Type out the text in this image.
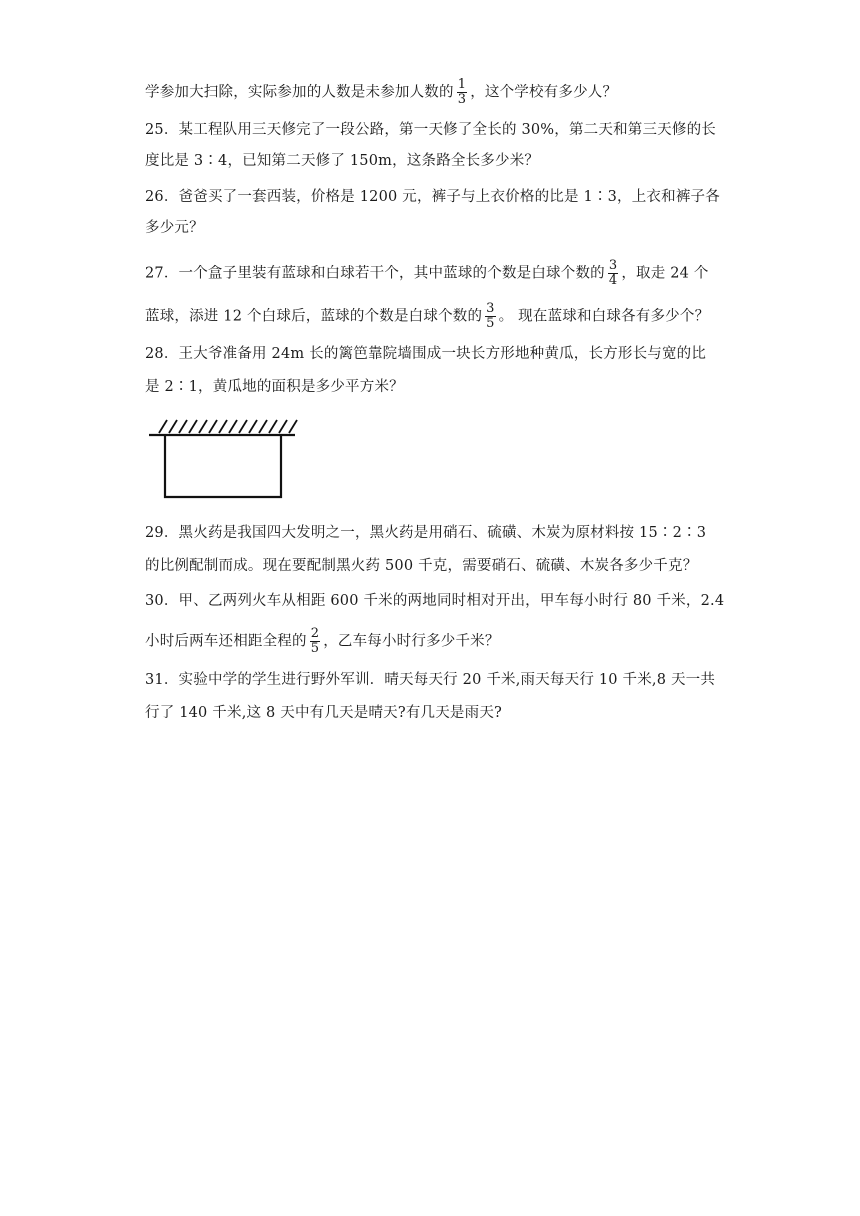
学参加大扫除，实际参加的人数是未参加人数的 $\frac{1}{3}$ ，这个学校有多少人？
25．某工程队用三天修完了一段公路，第一天修了全长的 30%，第二天和第三天修的长
度比是 3∶4，已知第二天修了 150m，这条路全长多少米？
26．爸爸买了一套西装，价格是 1200 元，裤子与上衣价格的比是 1∶3，上衣和裤子各
多少元？
27．一个盒子里装有蓝球和白球若干个，其中蓝球的个数是白球个数的 $\frac{3}{4}$ ，取走 24 个
蓝球，添进 12 个白球后，蓝球的个数是白球个数的 $\frac{3}{5}$ 。 现在蓝球和白球各有多少个？
28．王大爷准备用 24m 长的篱笆靠院墙围成一块长方形地种黄瓜，长方形长与宽的比
是 2∶1，黄瓜地的面积是多少平方米？
29．黑火药是我国四大发明之一，黑火药是用硝石、硫磺、木炭为原材料按 15∶2∶3
的比例配制而成。现在要配制黑火药 500 千克，需要硝石、硫磺、木炭各多少千克？
30．甲、乙两列火车从相距 600 千米的两地同时相对开出，甲车每小时行 80 千米，2.4
小时后两车还相距全程的 $\frac{2}{5}$ ，乙车每小时行多少千米？
31．实验中学的学生进行野外军训．晴天每天行 20 千米,雨天每天行 10 千米,8 天一共
行了 140 千米,这 8 天中有几天是晴天?有几天是雨天?
